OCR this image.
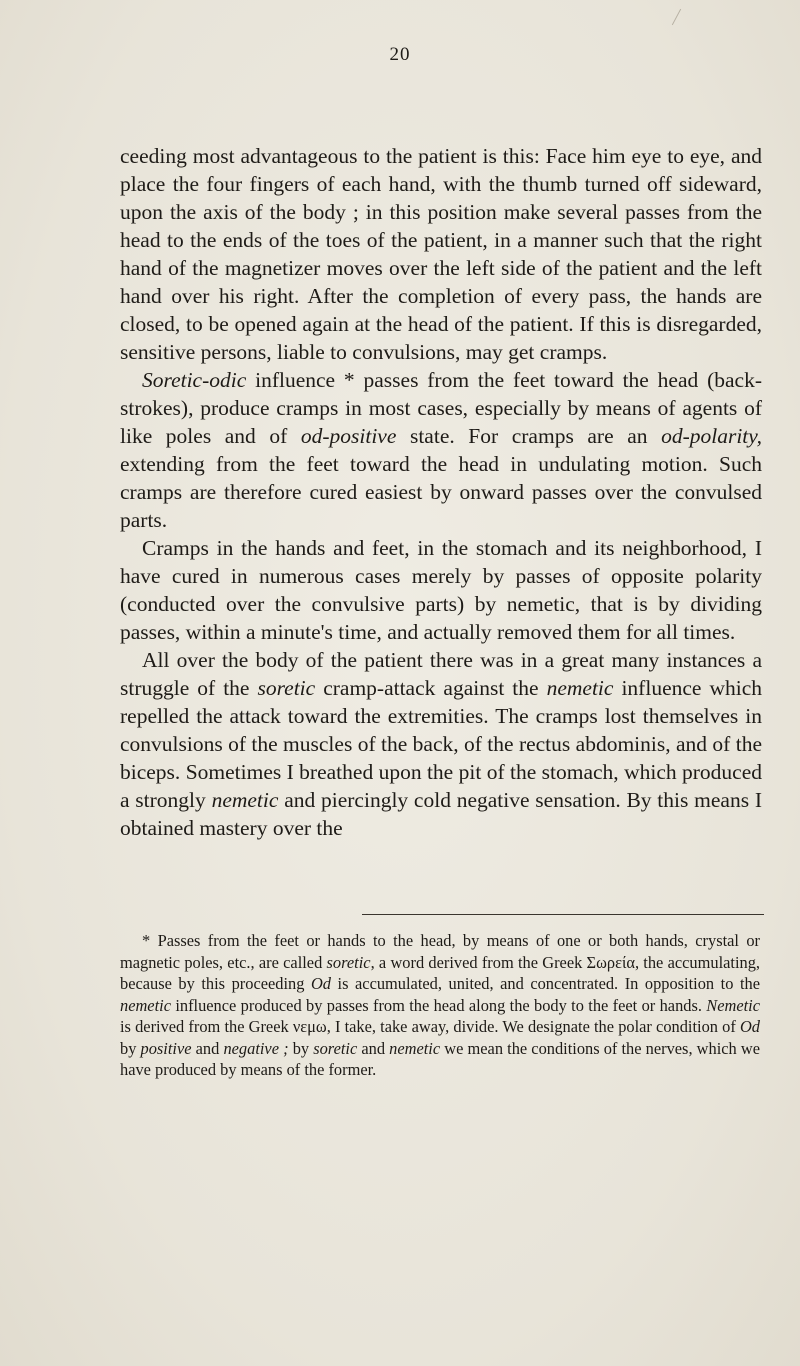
20

ceeding most advantageous to the patient is this: Face him eye to eye, and place the four fingers of each hand, with the thumb turned off sideward, upon the axis of the body ; in this position make several passes from the head to the ends of the toes of the patient, in a manner such that the right hand of the magnetizer moves over the left side of the patient and the left hand over his right. After the completion of every pass, the hands are closed, to be opened again at the head of the patient. If this is disregarded, sensitive persons, liable to convulsions, may get cramps.

Soretic-odic influence * passes from the feet toward the head (back-strokes), produce cramps in most cases, especially by means of agents of like poles and of od-positive state. For cramps are an od-polarity, extending from the feet toward the head in undulating motion. Such cramps are therefore cured easiest by onward passes over the convulsed parts.

Cramps in the hands and feet, in the stomach and its neighborhood, I have cured in numerous cases merely by passes of opposite polarity (conducted over the convulsive parts) by nemetic, that is by dividing passes, within a minute's time, and actually removed them for all times.

All over the body of the patient there was in a great many instances a struggle of the soretic cramp-attack against the nemetic influence which repelled the attack toward the extremities. The cramps lost themselves in convulsions of the muscles of the back, of the rectus abdominis, and of the biceps. Sometimes I breathed upon the pit of the stomach, which produced a strongly nemetic and piercingly cold negative sensation. By this means I obtained mastery over the

* Passes from the feet or hands to the head, by means of one or both hands, crystal or magnetic poles, etc., are called soretic, a word derived from the Greek Σωρεία, the accumulating, because by this proceeding Od is accumulated, united, and concentrated. In opposition to the nemetic influence produced by passes from the head along the body to the feet or hands. Nemetic is derived from the Greek νεμω, I take, take away, divide. We designate the polar condition of Od by positive and negative ; by soretic and nemetic we mean the conditions of the nerves, which we have produced by means of the former.
